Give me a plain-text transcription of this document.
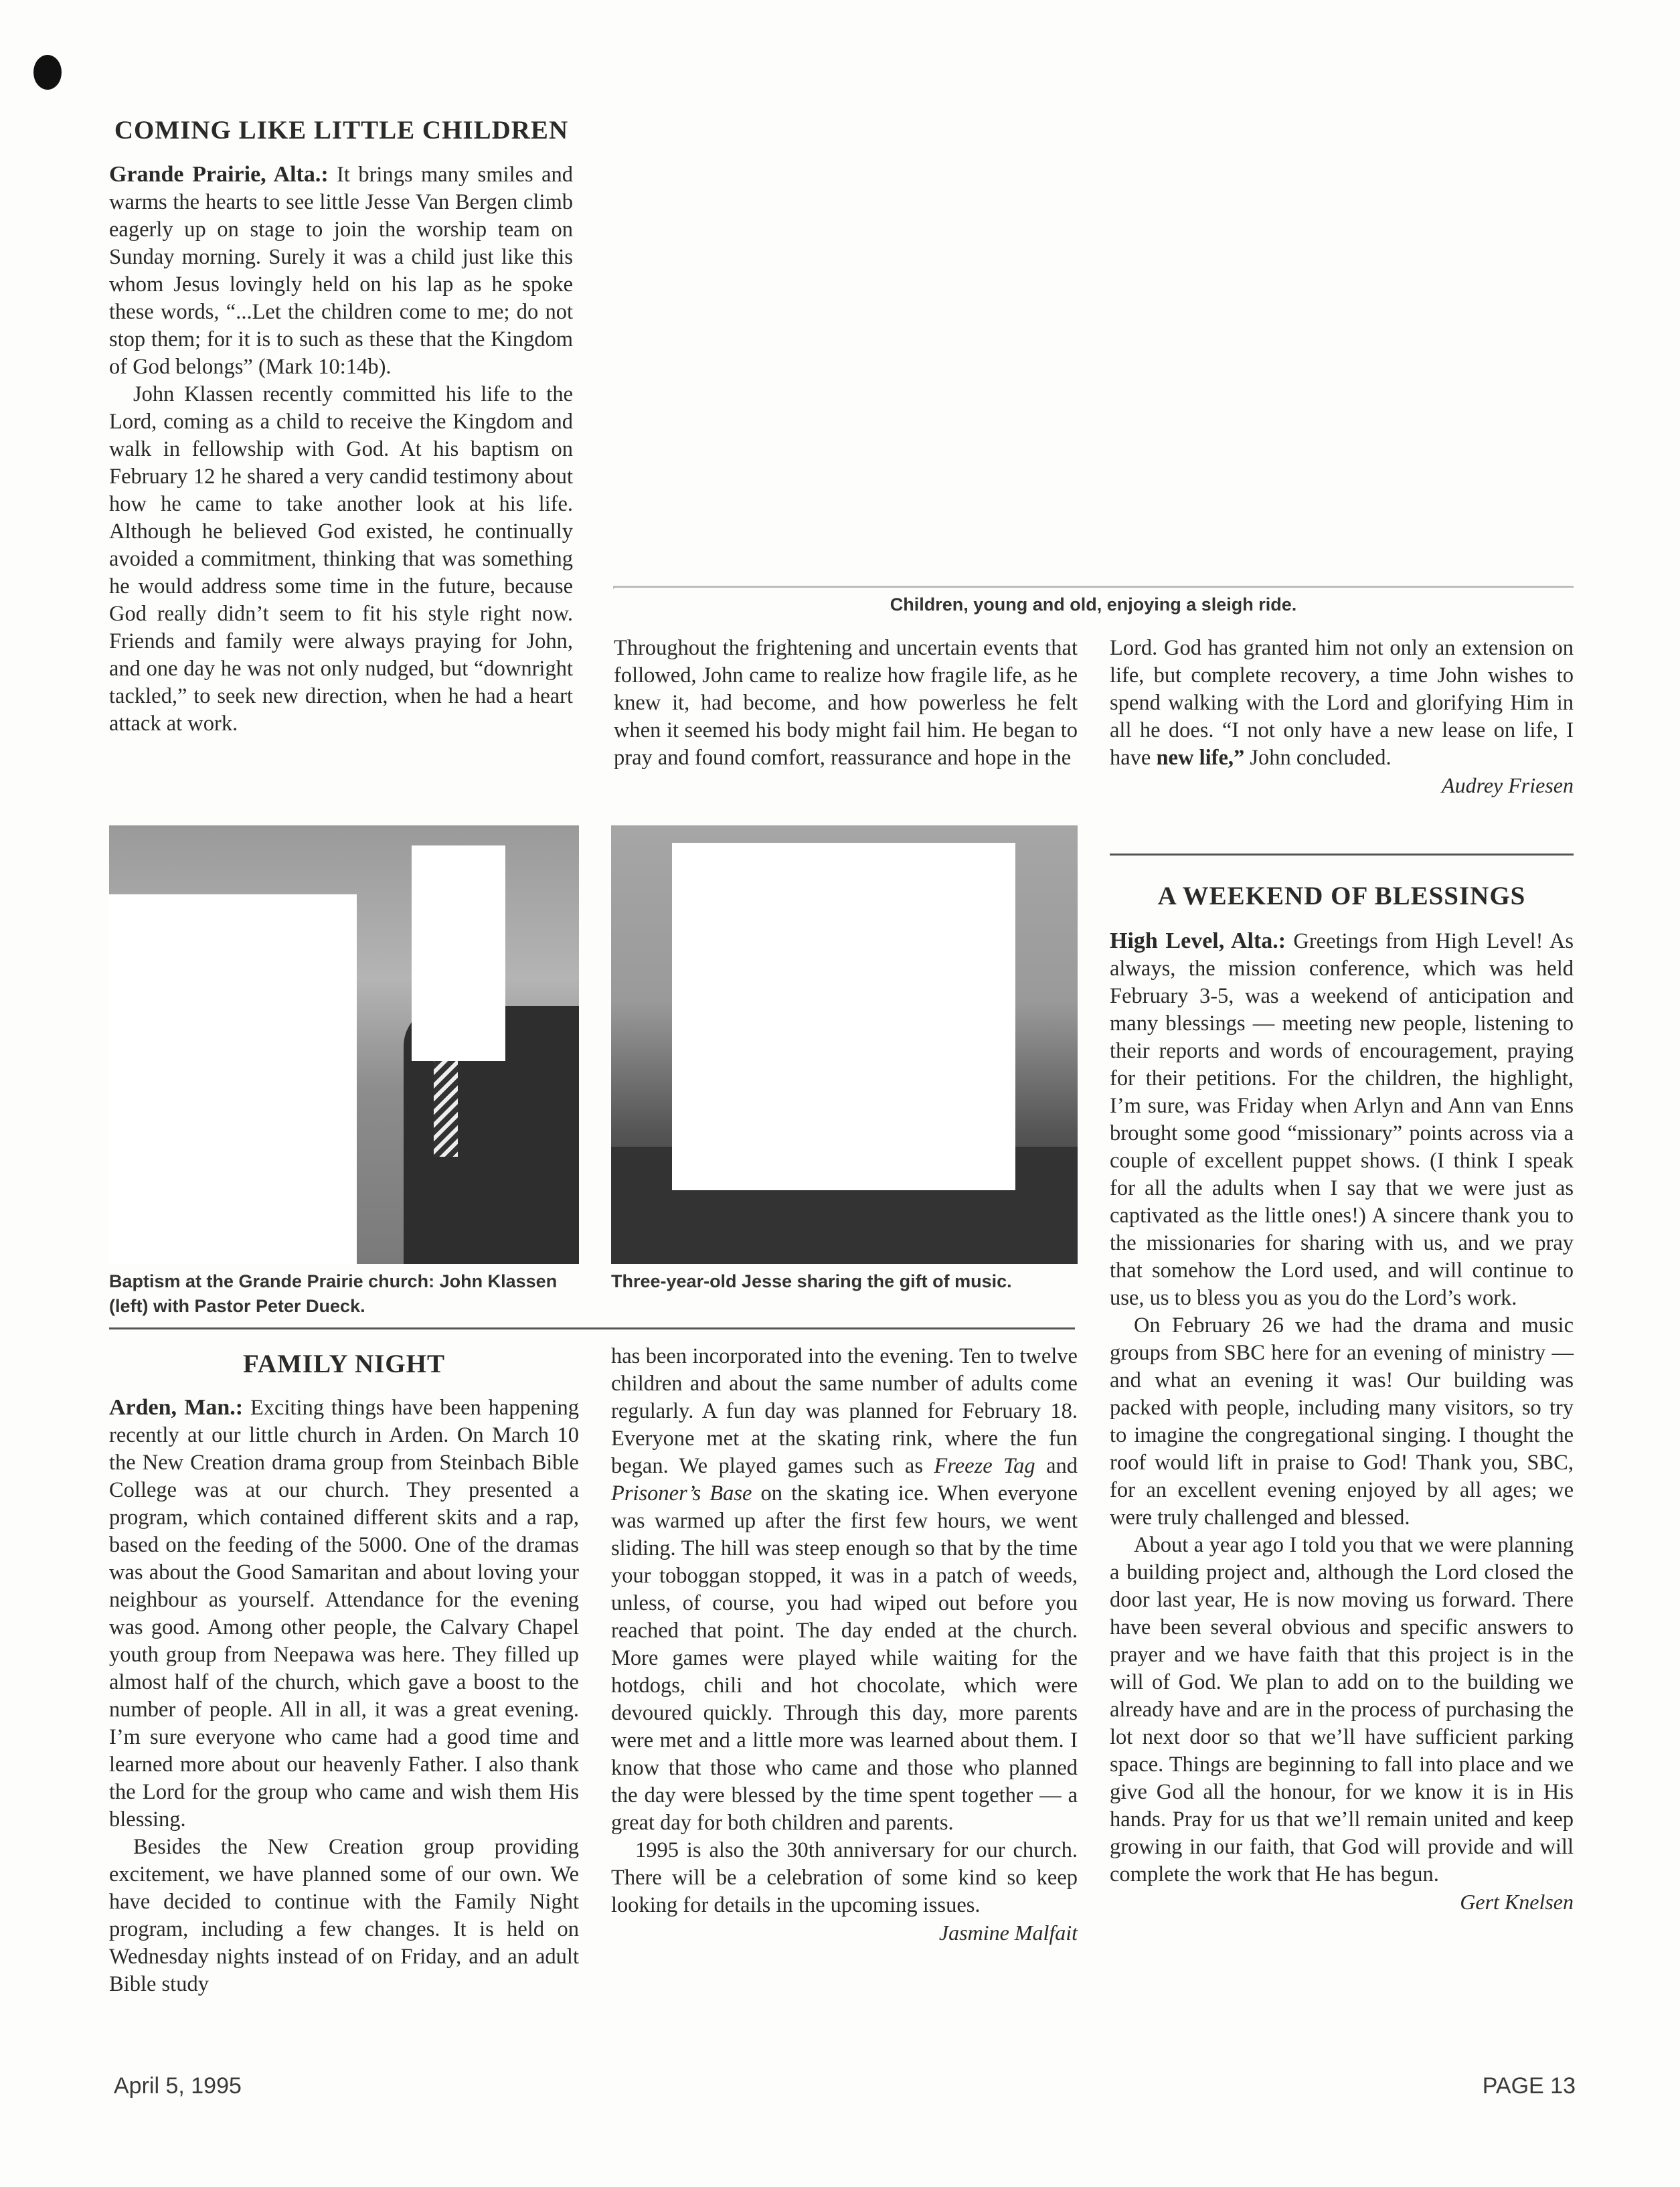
Children, young and old, enjoying a sleigh ride.
COMING LIKE LITTLE CHILDREN

Grande Prairie, Alta.: It brings many smiles and warms the hearts to see little Jesse Van Bergen climb eagerly up on stage to join the worship team on Sunday morning. Surely it was a child just like this whom Jesus lovingly held on his lap as he spoke these words, “...Let the children come to me; do not stop them; for it is to such as these that the Kingdom of God belongs” (Mark 10:14b).

John Klassen recently committed his life to the Lord, coming as a child to receive the Kingdom and walk in fellowship with God. At his baptism on February 12 he shared a very candid testimony about how he came to take another look at his life. Although he believed God existed, he continually avoided a commitment, thinking that was something he would address some time in the future, because God really didn’t seem to fit his style right now. Friends and family were always praying for John, and one day he was not only nudged, but “downright tackled,” to seek new direction, when he had a heart attack at work.

Throughout the frightening and uncertain events that followed, John came to realize how fragile life, as he knew it, had become, and how powerless he felt when it seemed his body might fail him. He began to pray and found comfort, reassurance and hope in the

Lord. God has granted him not only an extension on life, but complete recovery, a time John wishes to spend walking with the Lord and glorifying Him in all he does. “I not only have a new lease on life, I have new life,” John concluded.

Audrey Friesen
Baptism at the Grande Prairie church: John Klassen (left) with Pastor Peter Dueck.
Three-year-old Jesse sharing the gift of music.
FAMILY NIGHT

Arden, Man.: Exciting things have been happening recently at our little church in Arden. On March 10 the New Creation drama group from Steinbach Bible College was at our church. They presented a program, which contained different skits and a rap, based on the feeding of the 5000. One of the dramas was about the Good Samaritan and about loving your neighbour as yourself. Attendance for the evening was good. Among other people, the Calvary Chapel youth group from Neepawa was here. They filled up almost half of the church, which gave a boost to the number of people. All in all, it was a great evening. I’m sure everyone who came had a good time and learned more about our heavenly Father. I also thank the Lord for the group who came and wish them His blessing.

Besides the New Creation group providing excitement, we have planned some of our own. We have decided to continue with the Family Night program, including a few changes. It is held on Wednesday nights instead of on Friday, and an adult Bible study

has been incorporated into the evening. Ten to twelve children and about the same number of adults come regularly. A fun day was planned for February 18. Everyone met at the skating rink, where the fun began. We played games such as Freeze Tag and Prisoner’s Base on the skating ice. When everyone was warmed up after the first few hours, we went sliding. The hill was steep enough so that by the time your toboggan stopped, it was in a patch of weeds, unless, of course, you had wiped out before you reached that point. The day ended at the church. More games were played while waiting for the hotdogs, chili and hot chocolate, which were devoured quickly. Through this day, more parents were met and a little more was learned about them. I know that those who came and those who planned the day were blessed by the time spent together — a great day for both children and parents.

1995 is also the 30th anniversary for our church. There will be a celebration of some kind so keep looking for details in the upcoming issues.

Jasmine Malfait
A WEEKEND OF BLESSINGS

High Level, Alta.: Greetings from High Level! As always, the mission conference, which was held February 3-5, was a weekend of anticipation and many blessings — meeting new people, listening to their reports and words of encouragement, praying for their petitions. For the children, the highlight, I’m sure, was Friday when Arlyn and Ann van Enns brought some good “missionary” points across via a couple of excellent puppet shows. (I think I speak for all the adults when I say that we were just as captivated as the little ones!) A sincere thank you to the missionaries for sharing with us, and we pray that somehow the Lord used, and will continue to use, us to bless you as you do the Lord’s work.

On February 26 we had the drama and music groups from SBC here for an evening of ministry — and what an evening it was! Our building was packed with people, including many visitors, so try to imagine the congregational singing. I thought the roof would lift in praise to God! Thank you, SBC, for an excellent evening enjoyed by all ages; we were truly challenged and blessed.

About a year ago I told you that we were planning a building project and, although the Lord closed the door last year, He is now moving us forward. There have been several obvious and specific answers to prayer and we have faith that this project is in the will of God. We plan to add on to the building we already have and are in the process of purchasing the lot next door so that we’ll have sufficient parking space. Things are beginning to fall into place and we give God all the honour, for we know it is in His hands. Pray for us that we’ll remain united and keep growing in our faith, that God will provide and will complete the work that He has begun.

Gert Knelsen
April 5, 1995	PAGE 13
